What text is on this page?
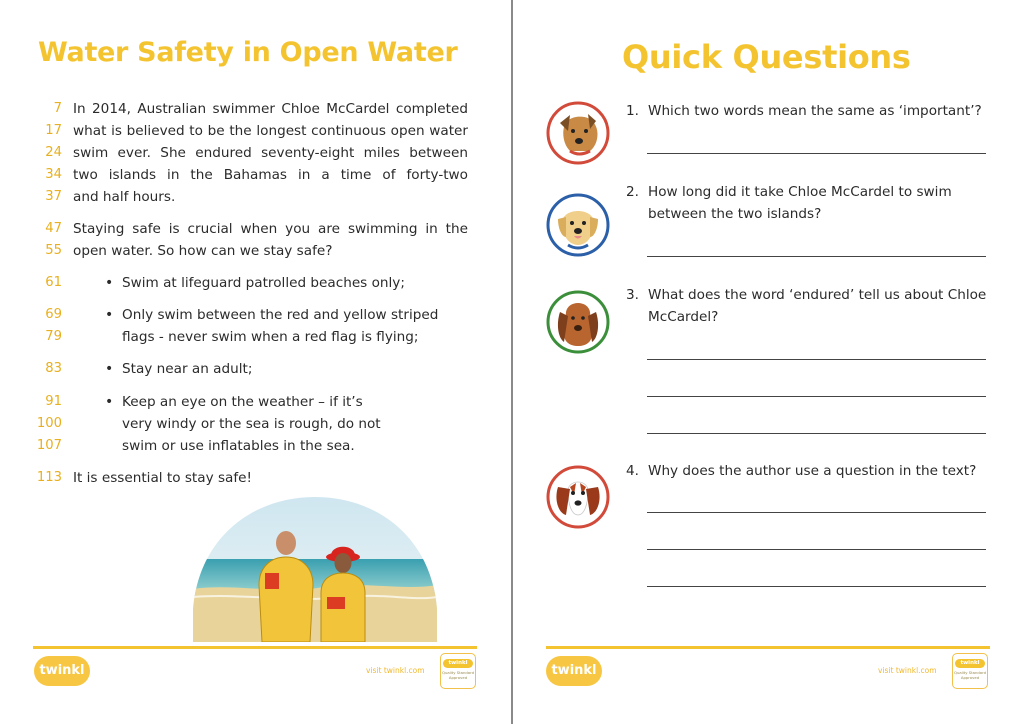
Water Safety in Open Water
7 In 2014, Australian swimmer Chloe McCardel completed
17 what is believed to be the longest continuous open water
24 swim ever. She endured seventy-eight miles between
34 two islands in the Bahamas in a time of forty-two
37 and half hours.
47 Staying safe is crucial when you are swimming in the
55 open water. So how can we stay safe?
61	• Swim at lifeguard patrolled beaches only;
69	• Only swim between the red and yellow striped
79	flags - never swim when a red flag is flying;
83	• Stay near an adult;
91	• Keep an eye on the weather – if it’s
100	very windy or the sea is rough, do not
107	swim or use inflatables in the sea.
113 It is essential to stay safe!
twinkl	visit twinkl.com
twinkl
Quality Standard Approved
Quick Questions
1. Which two words mean the same as ‘important’?
2. How long did it take Chloe McCardel to swim
between the two islands?
3. What does the word ‘endured’ tell us about Chloe
McCardel?
4. Why does the author use a question in the text?
twinkl	visit twinkl.com
twinkl
Quality Standard Approved
